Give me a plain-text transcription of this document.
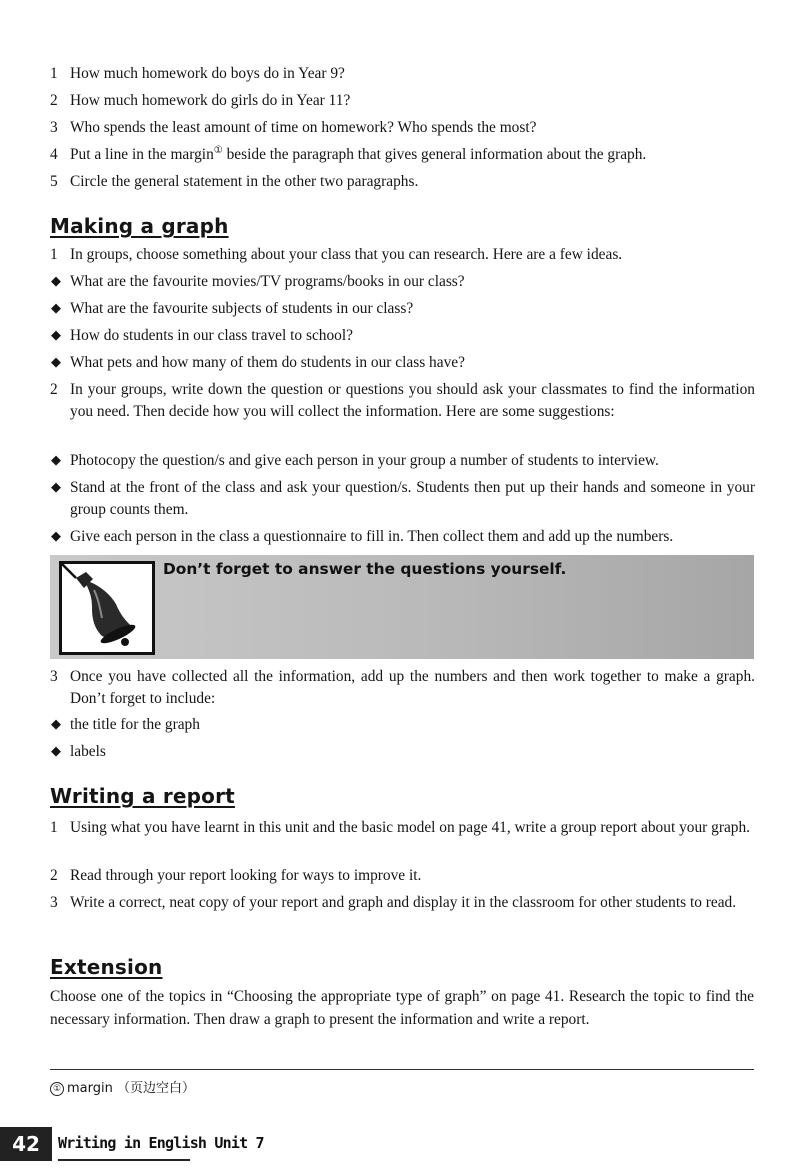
1 How much homework do boys do in Year 9?
2 How much homework do girls do in Year 11?
3 Who spends the least amount of time on homework? Who spends the most?
4 Put a line in the margin① beside the paragraph that gives general information about the graph.
5 Circle the general statement in the other two paragraphs.
Making a graph
1 In groups, choose something about your class that you can research. Here are a few ideas.
◆ What are the favourite movies/TV programs/books in our class?
◆ What are the favourite subjects of students in our class?
◆ How do students in our class travel to school?
◆ What pets and how many of them do students in our class have?
2 In your groups, write down the question or questions you should ask your classmates to find the information you need. Then decide how you will collect the information. Here are some suggestions:
◆ Photocopy the question/s and give each person in your group a number of students to interview.
◆ Stand at the front of the class and ask your question/s. Students then put up their hands and someone in your group counts them.
◆ Give each person in the class a questionnaire to fill in. Then collect them and add up the numbers.
Don’t forget to answer the questions yourself.
3 Once you have collected all the information, add up the numbers and then work together to make a graph. Don’t forget to include:
◆ the title for the graph
◆ labels
Writing a report
1 Using what you have learnt in this unit and the basic model on page 41, write a group report about your graph.
2 Read through your report looking for ways to improve it.
3 Write a correct, neat copy of your report and graph and display it in the classroom for other students to read.
Extension
Choose one of the topics in “Choosing the appropriate type of graph” on page 41. Research the topic to find the necessary information. Then draw a graph to present the information and write a report.
① margin （页边空白）
42	Writing in English Unit 7
